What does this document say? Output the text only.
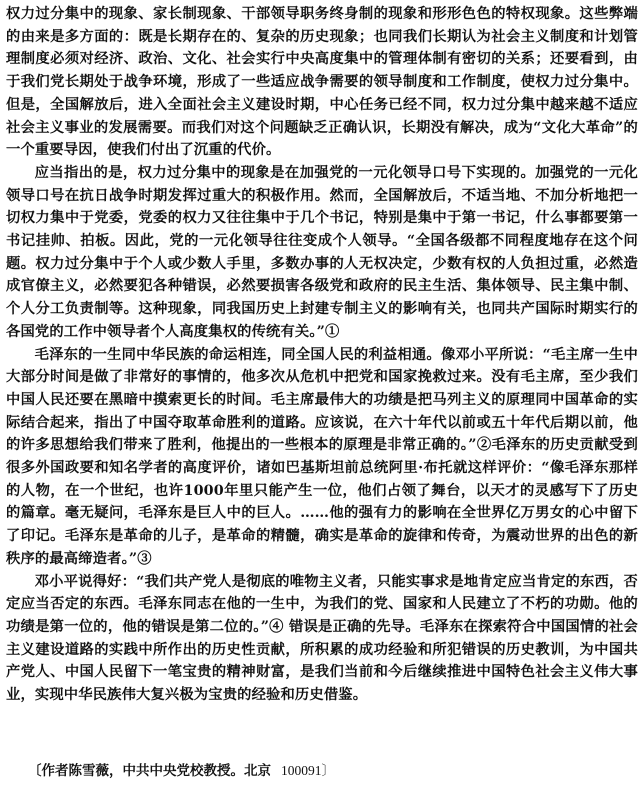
权力过分集中的现象、家长制现象、干部领导职务终身制的现象和形形色色的特权现象。这些弊端的由来是多方面的：既是长期存在的、复杂的历史现象；也同我们长期认为社会主义制度和计划管理制度必须对经济、政治、文化、社会实行中央高度集中的管理体制有密切的关系；还要看到，由于我们党长期处于战争环境，形成了一些适应战争需要的领导制度和工作制度，使权力过分集中。但是，全国解放后，进入全面社会主义建设时期，中心任务已经不同，权力过分集中越来越不适应社会主义事业的发展需要。而我们对这个问题缺乏正确认识，长期没有解决，成为“文化大革命”的一个重要导因，使我们付出了沉重的代价。

应当指出的是，权力过分集中的现象是在加强党的一元化领导口号下实现的。加强党的一元化领导口号在抗日战争时期发挥过重大的积极作用。然而，全国解放后，不适当地、不加分析地把一切权力集中于党委，党委的权力又往往集中于几个书记，特别是集中于第一书记，什么事都要第一书记挂帅、拍板。因此，党的一元化领导往往变成个人领导。“全国各级都不同程度地存在这个问题。权力过分集中于个人或少数人手里，多数办事的人无权决定，少数有权的人负担过重，必然造成官僚主义，必然要犯各种错误，必然要损害各级党和政府的民主生活、集体领导、民主集中制、个人分工负责制等。这种现象，同我国历史上封建专制主义的影响有关，也同共产国际时期实行的各国党的工作中领导者个人高度集权的传统有关。”①

毛泽东的一生同中华民族的命运相连，同全国人民的利益相通。像邓小平所说：“毛主席一生中大部分时间是做了非常好的事情的，他多次从危机中把党和国家挽救过来。没有毛主席，至少我们中国人民还要在黑暗中摸索更长的时间。毛主席最伟大的功绩是把马列主义的原理同中国革命的实际结合起来，指出了中国夺取革命胜利的道路。应该说，在六十年代以前或五十年代后期以前，他的许多思想给我们带来了胜利，他提出的一些根本的原理是非常正确的。”②毛泽东的历史贡献受到很多外国政要和知名学者的高度评价，诸如巴基斯坦前总统阿里·布托就这样评价：“像毛泽东那样的人物，在一个世纪，也许1000年里只能产生一位，他们占领了舞台，以天才的灵感写下了历史的篇章。毫无疑问，毛泽东是巨人中的巨人。……他的强有力的影响在全世界亿万男女的心中留下了印记。毛泽东是革命的儿子，是革命的精髓，确实是革命的旋律和传奇，为震动世界的出色的新秩序的最高缔造者。”③

邓小平说得好：“我们共产党人是彻底的唯物主义者，只能实事求是地肯定应当肯定的东西，否定应当否定的东西。毛泽东同志在他的一生中，为我们的党、国家和人民建立了不朽的功勋。他的功绩是第一位的，他的错误是第二位的。”④ 错误是正确的先导。毛泽东在探索符合中国国情的社会主义建设道路的实践中所作出的历史性贡献，所积累的成功经验和所犯错误的历史教训，为中国共产党人、中国人民留下一笔宝贵的精神财富，是我们当前和今后继续推进中国特色社会主义伟大事业，实现中华民族伟大复兴极为宝贵的经验和历史借鉴。

〔作者陈雪薇，中共中央党校教授。北京 100091〕
